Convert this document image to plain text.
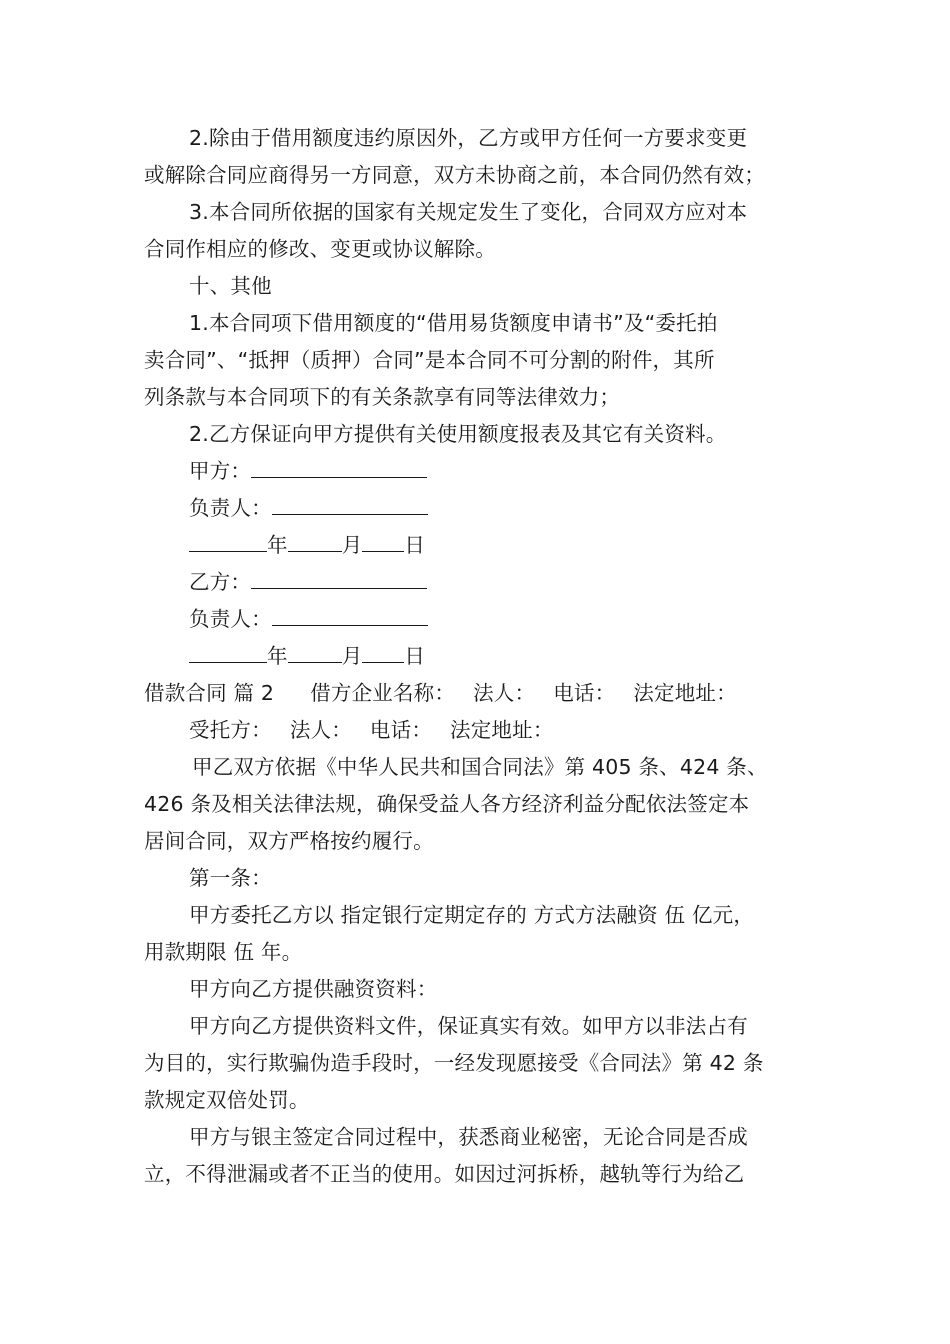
2.除由于借用额度违约原因外，乙方或甲方任何一方要求变更
或解除合同应商得另一方同意，双方未协商之前，本合同仍然有效；
3.本合同所依据的国家有关规定发生了变化，合同双方应对本
合同作相应的修改、变更或协议解除。
十、其他
1.本合同项下借用额度的“借用易货额度申请书”及“委托拍
卖合同”、“抵押（质押）合同”是本合同不可分割的附件，其所
列条款与本合同项下的有关条款享有同等法律效力；
2.乙方保证向甲方提供有关使用额度报表及其它有关资料。
甲方：
负责人：
年	月 日
乙方：
负责人：
年	月 日
借款合同 篇 2 借方企业名称： 法人： 电话： 法定地址：
受托方： 法人： 电话： 法定地址：
甲乙双方依据《中华人民共和国合同法》第 405 条、424 条、
426 条及相关法律法规，确保受益人各方经济利益分配依法签定本
居间合同，双方严格按约履行。
第一条：
甲方委托乙方以 指定银行定期定存的 方式方法融资 伍 亿元，
用款期限 伍 年。
甲方向乙方提供融资资料：
甲方向乙方提供资料文件，保证真实有效。如甲方以非法占有
为目的，实行欺骗伪造手段时，一经发现愿接受《合同法》第 42 条
款规定双倍处罚。
甲方与银主签定合同过程中，获悉商业秘密，无论合同是否成
立，不得泄漏或者不正当的使用。如因过河拆桥，越轨等行为给乙
